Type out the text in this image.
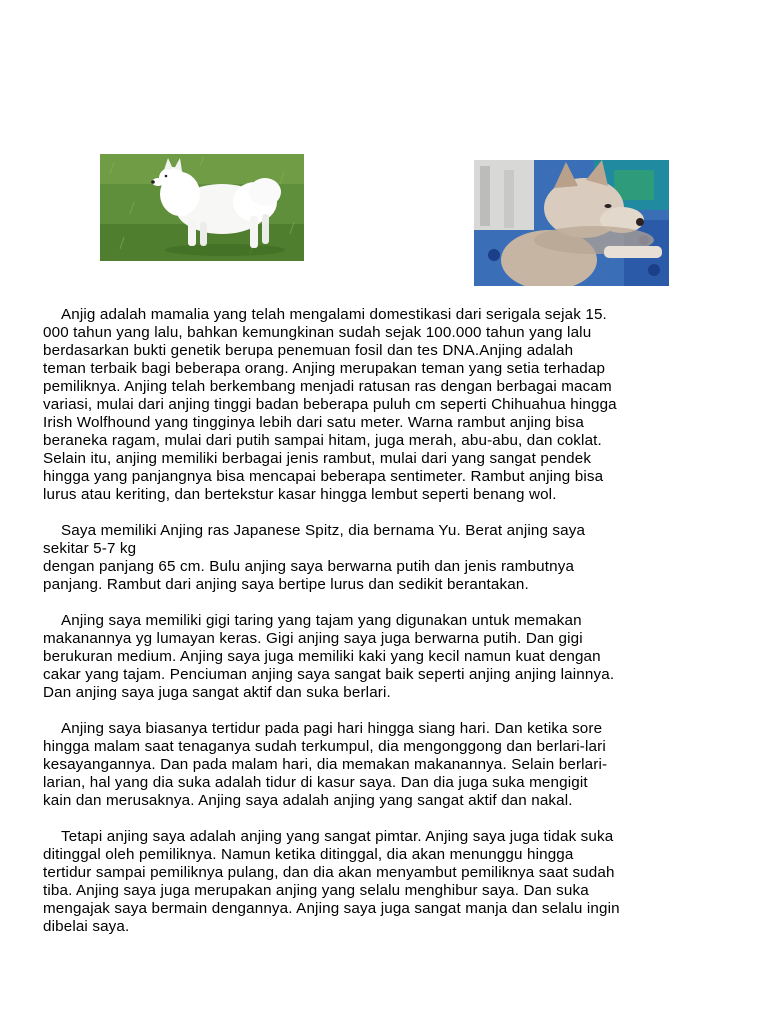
Anjig adalah mamalia yang telah mengalami domestikasi dari serigala sejak 15.
000 tahun yang lalu, bahkan kemungkinan sudah sejak 100.000 tahun yang lalu
berdasarkan bukti genetik berupa penemuan fosil dan tes DNA.Anjing adalah
teman terbaik bagi beberapa orang. Anjing merupakan teman yang setia terhadap
pemiliknya. Anjing telah berkembang menjadi ratusan ras dengan berbagai macam
variasi, mulai dari anjing tinggi badan beberapa puluh cm seperti Chihuahua hingga
Irish Wolfhound yang tingginya lebih dari satu meter. Warna rambut anjing bisa
beraneka ragam, mulai dari putih sampai hitam, juga merah, abu-abu, dan coklat.
Selain itu, anjing memiliki berbagai jenis rambut, mulai dari yang sangat pendek
hingga yang panjangnya bisa mencapai beberapa sentimeter. Rambut anjing bisa
lurus atau keriting, dan bertekstur kasar hingga lembut seperti benang wol.

Saya memiliki Anjing ras Japanese Spitz, dia bernama Yu. Berat anjing saya
sekitar 5-7 kg
dengan panjang 65 cm. Bulu anjing saya berwarna putih dan jenis rambutnya
panjang. Rambut dari anjing saya bertipe lurus dan sedikit berantakan.

Anjing saya memiliki gigi taring yang tajam yang digunakan untuk memakan
makanannya yg lumayan keras. Gigi anjing saya juga berwarna putih. Dan gigi
berukuran medium. Anjing saya juga memiliki kaki yang kecil namun kuat dengan
cakar yang tajam. Penciuman anjing saya sangat baik seperti anjing anjing lainnya.
Dan anjing saya juga sangat aktif dan suka berlari.

Anjing saya biasanya tertidur pada pagi hari hingga siang hari. Dan ketika sore
hingga malam saat tenaganya sudah terkumpul, dia mengonggong dan berlari-lari
kesayangannya. Dan pada malam hari, dia memakan makanannya. Selain berlari-
larian, hal yang dia suka adalah tidur di kasur saya. Dan dia juga suka mengigit
kain dan merusaknya. Anjing saya adalah anjing yang sangat aktif dan nakal.

Tetapi anjing saya adalah anjing yang sangat pimtar. Anjing saya juga tidak suka
ditinggal oleh pemiliknya. Namun ketika ditinggal, dia akan menunggu hingga
tertidur sampai pemiliknya pulang, dan dia akan menyambut pemiliknya saat sudah
tiba. Anjing saya juga merupakan anjing yang selalu menghibur saya. Dan suka
mengajak saya bermain dengannya. Anjing saya juga sangat manja dan selalu ingin
dibelai saya.
